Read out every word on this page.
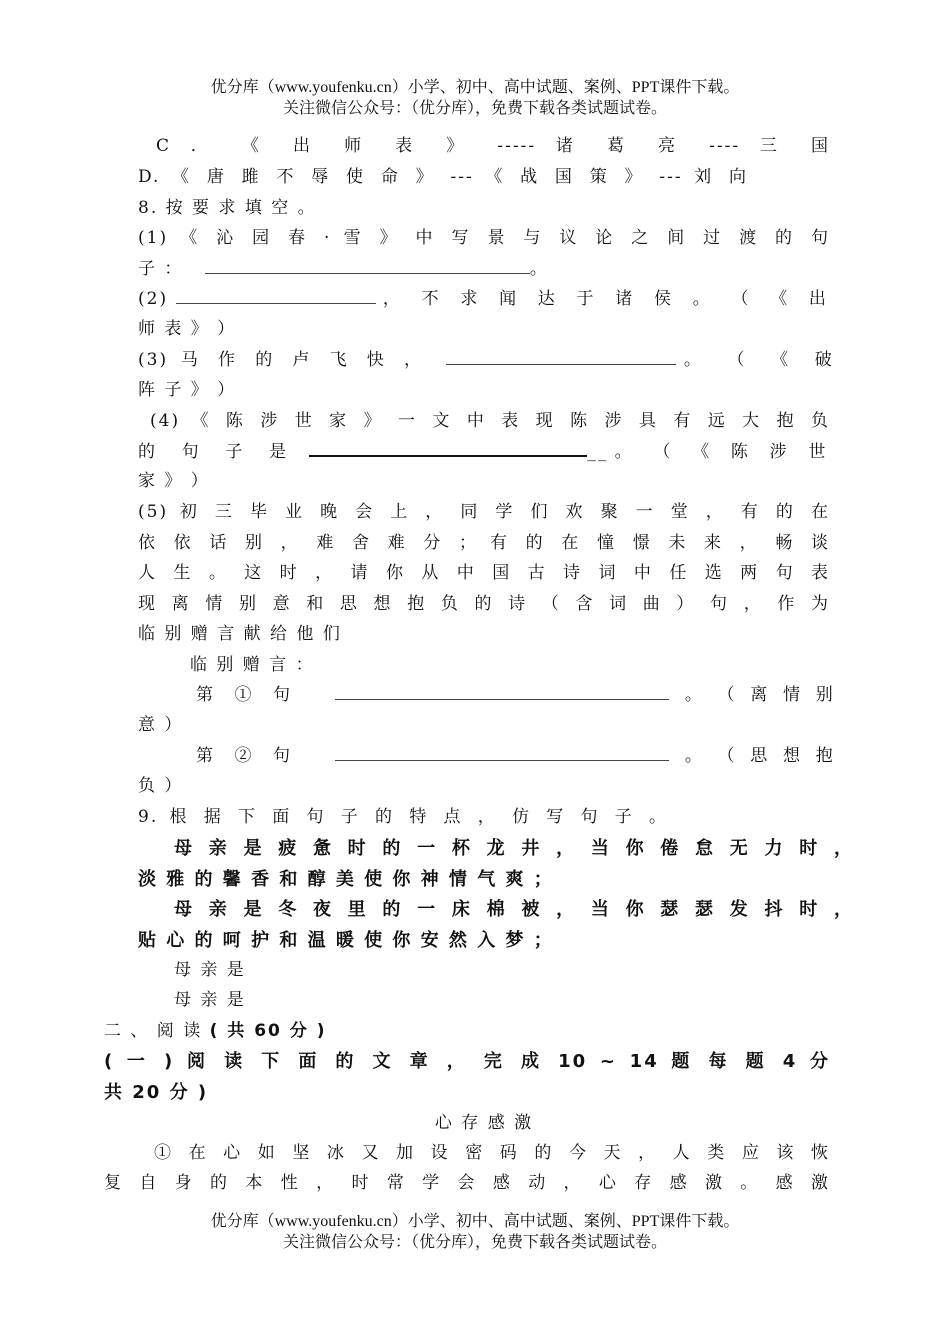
优分库（www.youfenku.cn）小学、初中、高中试题、案例、PPT课件下载。
关注微信公众号：（优分库），免费下载各类试题试卷。
C ． 《 出 师 表 》 ----- 诸 葛 亮 ---- 三 国
D. 《 唐 雎 不 辱 使 命 》 --- 《 战 国 策 》 --- 刘 向
8. 按 要 求 填 空 。
(1) 《 沁 园 春 · 雪 》 中 写 景 与 议 论 之 间 过 渡 的 句
子 ：	。
(2)	， 不 求 闻 达 于 诸 侯 。 （ 《 出
师 表 》 ）
(3) 马 作 的 卢 飞 快 ，	。 （ 《 破
阵 子 》 ）
(4) 《 陈 涉 世 家 》 一 文 中 表 现 陈 涉 具 有 远 大 抱 负
的 句 子 是	__。 （ 《 陈 涉 世
家 》 ）
(5) 初 三 毕 业 晚 会 上 ， 同 学 们 欢 聚 一 堂 ， 有 的 在
依 依 话 别 ， 难 舍 难 分 ； 有 的 在 憧 憬 未 来 ， 畅 谈
人 生 。 这 时 ， 请 你 从 中 国 古 诗 词 中 任 选 两 句 表
现 离 情 别 意 和 思 想 抱 负 的 诗 （ 含 词 曲 ） 句 ， 作 为
临 别 赠 言 献 给 他 们
临 别 赠 言 ：
第 ① 句	。 （ 离 情 别
意 ）
第 ② 句	。 （ 思 想 抱
负 ）
9. 根 据 下 面 句 子 的 特 点 ， 仿 写 句 子 。
母 亲 是 疲 惫 时 的 一 杯 龙 井 ， 当 你 倦 怠 无 力 时 ，
淡 雅 的 馨 香 和 醇 美 使 你 神 情 气 爽 ；
母 亲 是 冬 夜 里 的 一 床 棉 被 ， 当 你 瑟 瑟 发 抖 时 ，
贴 心 的 呵 护 和 温 暖 使 你 安 然 入 梦 ；
母 亲 是
母 亲 是
二 、 阅 读 ( 共 60 分 )
( 一 ) 阅 读 下 面 的 文 章 ， 完 成 10 ~ 14 题 每 题 4 分
共 20 分 )
心 存 感 激
① 在 心 如 坚 冰 又 加 设 密 码 的 今 天 ， 人 类 应 该 恢
复 自 身 的 本 性 ， 时 常 学 会 感 动 ， 心 存 感 激 。 感 激
优分库（www.youfenku.cn）小学、初中、高中试题、案例、PPT课件下载。
关注微信公众号：（优分库），免费下载各类试题试卷。
